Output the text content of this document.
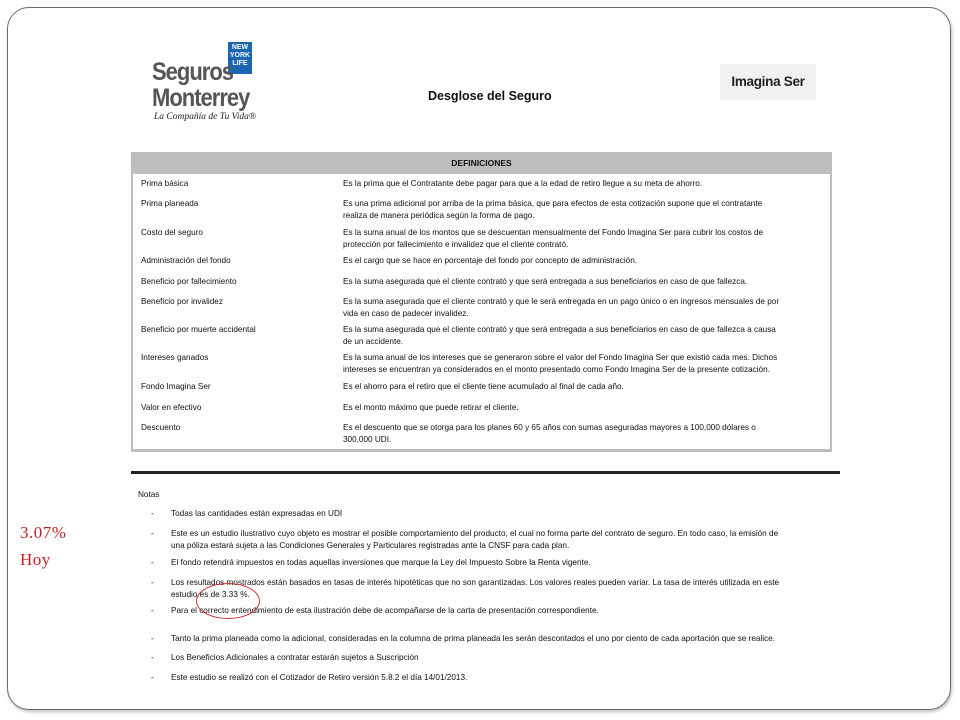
NEW
YORK
LIFE
Seguros
Monterrey
La Compañía de Tu Vida®
Desglose del Seguro
Imagina Ser
DEFINICIONES
Prima básica	Es la prima que el Contratante debe pagar para que a la edad de retiro llegue a su meta de ahorro.
Prima planeada	Es una prima adicional por arriba de la prima básica, que para efectos de esta cotización supone que el contratante realiza de manera periódica según la forma de pago.
Costo del seguro	Es la suma anual de los montos que se descuentan mensualmente del Fondo Imagina Ser para cubrir los costos de protección por fallecimiento e invalidez que el cliente contrató.
Administración del fondo	Es el cargo que se hace en porcentaje del fondo por concepto de administración.
Beneficio por fallecimiento	Es la suma asegurada que el cliente contrató y que será entregada a sus beneficiarios en caso de que fallezca.
Beneficio por invalidez	Es la suma asegurada que el cliente contrató y que le será entregada en un pago único o en ingresos mensuales de por vida en caso de padecer invalidez.
Beneficio por muerte accidental	Es la suma asegurada que el cliente contrató y que será entregada a sus beneficiarios en caso de que fallezca a causa de un accidente.
Intereses ganados	Es la suma anual de los intereses que se generaron sobre el valor del Fondo Imagina Ser que existió cada mes. Dichos intereses se encuentran ya considerados en el monto presentado como Fondo Imagina Ser de la presente cotización.
Fondo Imagina Ser	Es el ahorro para el retiro que el cliente tiene acumulado al final de cada año.
Valor en efectivo	Es el monto máximo que puede retirar el cliente.
Descuento	Es el descuento que se otorga para los planes 60 y 65 años con sumas aseguradas mayores a 100,000 dólares o 300,000 UDI.
Notas
- Todas las cantidades están expresadas en UDI
- Este es un estudio ilustrativo cuyo objeto es mostrar el posible comportamiento del producto, el cual no forma parte del contrato de seguro. En todo caso, la emisión de una póliza estará sujeta a las Condiciones Generales y Particulares registradas ante la CNSF para cada plan.
- El fondo retendrá impuestos en todas aquellas inversiones que marque la Ley del Impuesto Sobre la Renta vigente.
- Los resultados mostrados están basados en tasas de interés hipotéticas que no son garantizadas. Los valores reales pueden variar. La tasa de interés utilizada en este estudio es de 3.33 %.
- Para el correcto entendimiento de esta ilustración debe de acompañarse de la carta de presentación correspondiente.
- Tanto la prima planeada como la adicional, consideradas en la columna de prima planeada les serán descontados el uno por ciento de cada aportación que se realice.
- Los Beneficios Adicionales a contratar estarán sujetos a Suscripción
- Este estudio se realizó con el Cotizador de Retiro versión 5.8.2 el día 14/01/2013.
3.07%
Hoy
